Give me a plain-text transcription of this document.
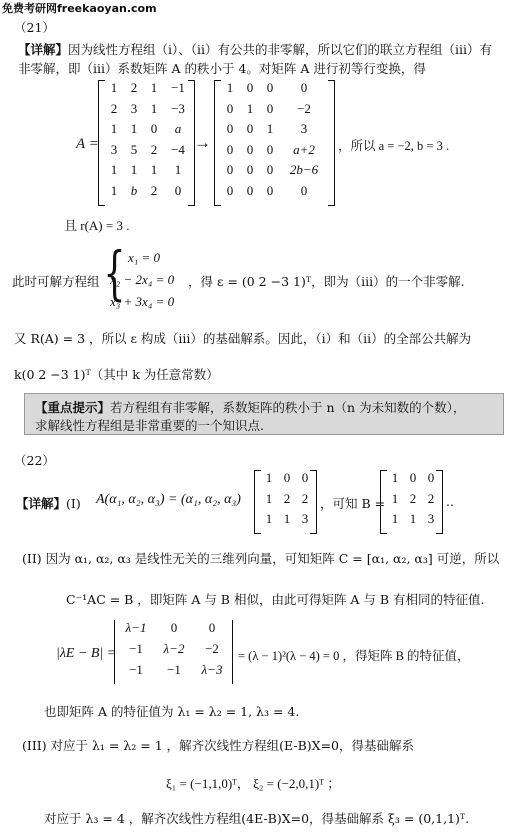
免费考研网freekaoyan.com
（21）
【详解】因为线性方程组（i）、（ii）有公共的非零解，所以它们的联立方程组（iii）有
非零解，即（iii）系数矩阵 A 的秩小于 4。对矩阵 A 进行初等行变换，得
A =
1 2 1 −1
2 3 1 −3
1 1 0 a
3 5 2 −4
1 1 1 1
1 b 2 0
→
1 0 0 0
0 1 0 −2
0 0 1 3
0 0 0 a+2
0 0 0 2b−6
0 0 0 0
，所以 a = −2, b = 3 .
且 r(A) = 3 .
此时可解方程组 { x₁ = 0
x₂ − 2x₄ = 0
x₃ + 3x₄ = 0
，得 ε = (0 2 −3 1)ᵀ，即为（iii）的一个非零解.
又 R(A) = 3 ，所以 ε 构成（iii）的基础解系。因此，（i）和（ii）的全部公共解为
k(0 2 −3 1)ᵀ（其中 k 为任意常数）
【重点提示】若方程组有非零解，系数矩阵的秩小于 n（n 为未知数的个数），
求解线性方程组是非常重要的一个知识点.
（22）
【详解】(I) A(α₁, α₂, α₃) = (α₁, α₂, α₃)
1 0 0
1 2 2
1 1 3
，可知 B =
1 0 0
1 2 2
1 1 3
..
(II) 因为 α₁, α₂, α₃ 是线性无关的三维列向量，可知矩阵 C = [α₁, α₂, α₃] 可逆，所以
C⁻¹AC = B ，即矩阵 A 与 B 相似，由此可得矩阵 A 与 B 有相同的特征值.
|λE − B| =
λ−1 0 0
−1 λ−2 −2
−1 −1 λ−3
= (λ − 1)²(λ − 4) = 0 ，得矩阵 B 的特征值，
也即矩阵 A 的特征值为 λ₁ = λ₂ = 1, λ₃ = 4.
(III) 对应于 λ₁ = λ₂ = 1 ，解齐次线性方程组(E-B)X=0，得基础解系
ξ₁ = (−1,1,0)ᵀ， ξ₂ = (−2,0,1)ᵀ ；
对应于 λ₃ = 4 ，解齐次线性方程组(4E-B)X=0，得基础解系 ξ₃ = (0,1,1)ᵀ.
